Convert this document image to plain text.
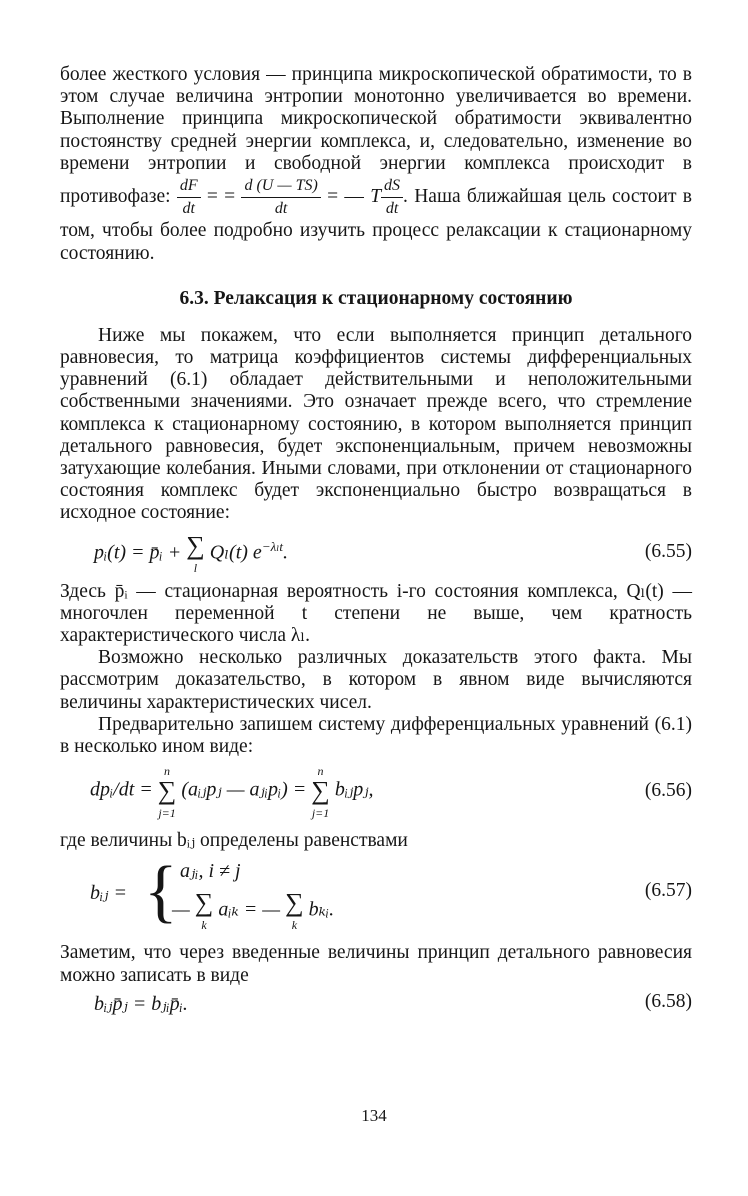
более жесткого условия — принципа микроскопической обратимости, то в этом случае величина энтропии монотонно увеличивается во времени. Выполнение принципа микроскопической обратимости эквивалентно постоянству средней энергии комплекса, и, следовательно, изменение во времени энтропии и свободной энергии комплекса происходит в противофазе: $\frac{dF}{dt}$ = = $\frac{d (U — TS)}{dt}$ = — T $\frac{dS}{dt}$ . Наша ближайшая цель состоит в том, чтобы более подробно изучить процесс релаксации к стационарному состоянию.

6.3. Релаксация к стационарному состоянию

Ниже мы покажем, что если выполняется принцип детального равновесия, то матрица коэффициентов системы дифференциальных уравнений (6.1) обладает действительными и неположительными собственными значениями. Это означает прежде всего, что стремление комплекса к стационарному состоянию, в котором выполняется принцип детального равновесия, будет экспоненциальным, причем невозможны затухающие колебания. Иными словами, при отклонении от стационарного состояния комплекс будет экспоненциально быстро возвращаться в исходное состояние:

pᵢ(t) = p̄ᵢ + ∑
l Qₗ(t) $e^{-\lambda_lt}$.	(6.55)

Здесь p̄ᵢ — стационарная вероятность i-го состояния комплекса, Qₗ(t) — многочлен переменной t степени не выше, чем кратность характеристического числа λₗ.

Возможно несколько различных доказательств этого факта. Мы рассмотрим доказательство, в котором в явном виде вычисляются величины характеристических чисел.

Предварительно запишем систему дифференциальных уравнений (6.1) в несколько ином виде:

dpᵢ/dt = n
∑
j=1 (aᵢⱼpⱼ — aⱼᵢpᵢ) = n
∑
j=1 bᵢⱼpⱼ,	(6.56)

где величины bᵢⱼ определены равенствами

bᵢⱼ = { aⱼᵢ, i ≠ j
— ∑
k aᵢₖ = — ∑
k bₖᵢ.
(6.57)

Заметим, что через введенные величины принцип детального равновесия можно записать в виде

bᵢⱼp̄ⱼ = bⱼᵢp̄ᵢ.	(6.58)
134
